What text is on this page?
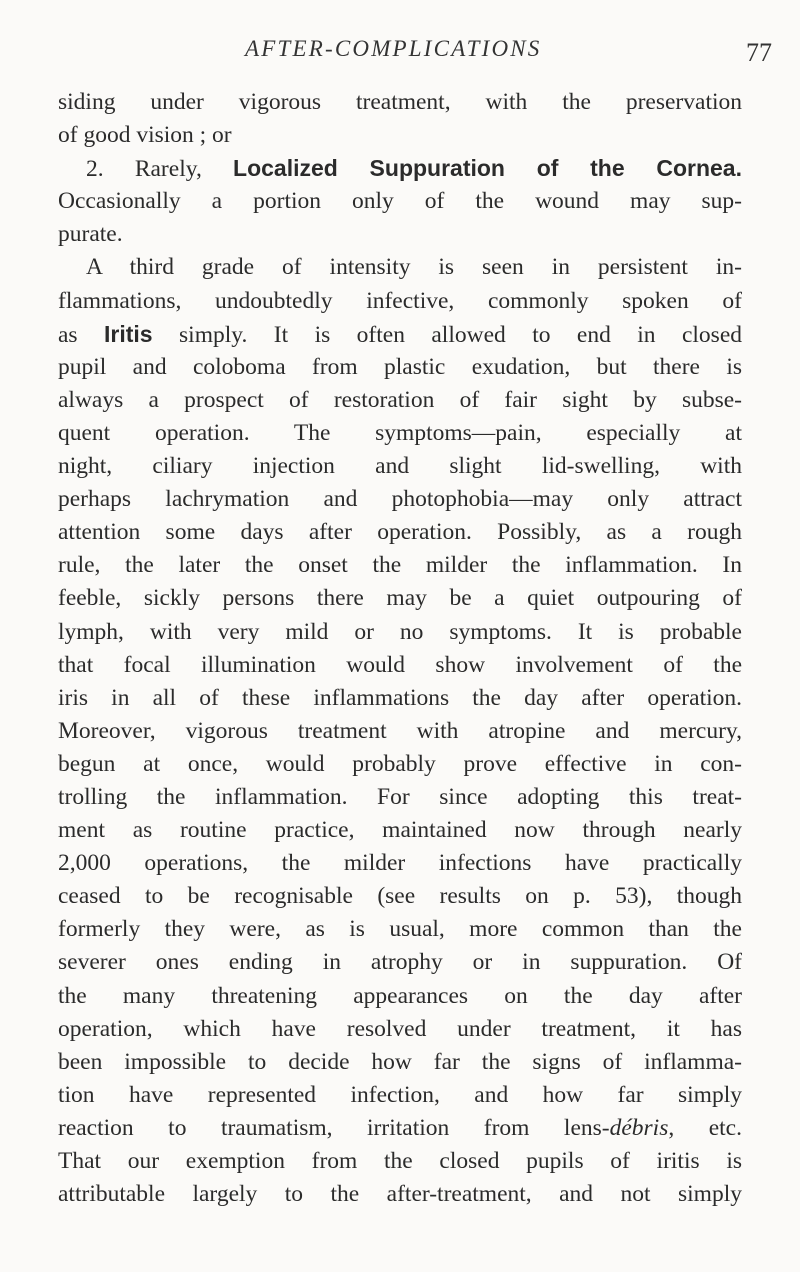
AFTER-COMPLICATIONS	77
siding under vigorous treatment, with the preservation
of good vision ; or
2. Rarely, Localized Suppuration of the Cornea.
Occasionally a portion only of the wound may sup-
purate.
A third grade of intensity is seen in persistent in-
flammations, undoubtedly infective, commonly spoken of
as Iritis simply. It is often allowed to end in closed
pupil and coloboma from plastic exudation, but there is
always a prospect of restoration of fair sight by subse-
quent operation. The symptoms—pain, especially at
night, ciliary injection and slight lid-swelling, with
perhaps lachrymation and photophobia—may only attract
attention some days after operation. Possibly, as a rough
rule, the later the onset the milder the inflammation. In
feeble, sickly persons there may be a quiet outpouring of
lymph, with very mild or no symptoms. It is probable
that focal illumination would show involvement of the
iris in all of these inflammations the day after operation.
Moreover, vigorous treatment with atropine and mercury,
begun at once, would probably prove effective in con-
trolling the inflammation. For since adopting this treat-
ment as routine practice, maintained now through nearly
2,000 operations, the milder infections have practically
ceased to be recognisable (see results on p. 53), though
formerly they were, as is usual, more common than the
severer ones ending in atrophy or in suppuration. Of
the many threatening appearances on the day after
operation, which have resolved under treatment, it has
been impossible to decide how far the signs of inflamma-
tion have represented infection, and how far simply
reaction to traumatism, irritation from lens-débris, etc.
That our exemption from the closed pupils of iritis is
attributable largely to the after-treatment, and not simply
